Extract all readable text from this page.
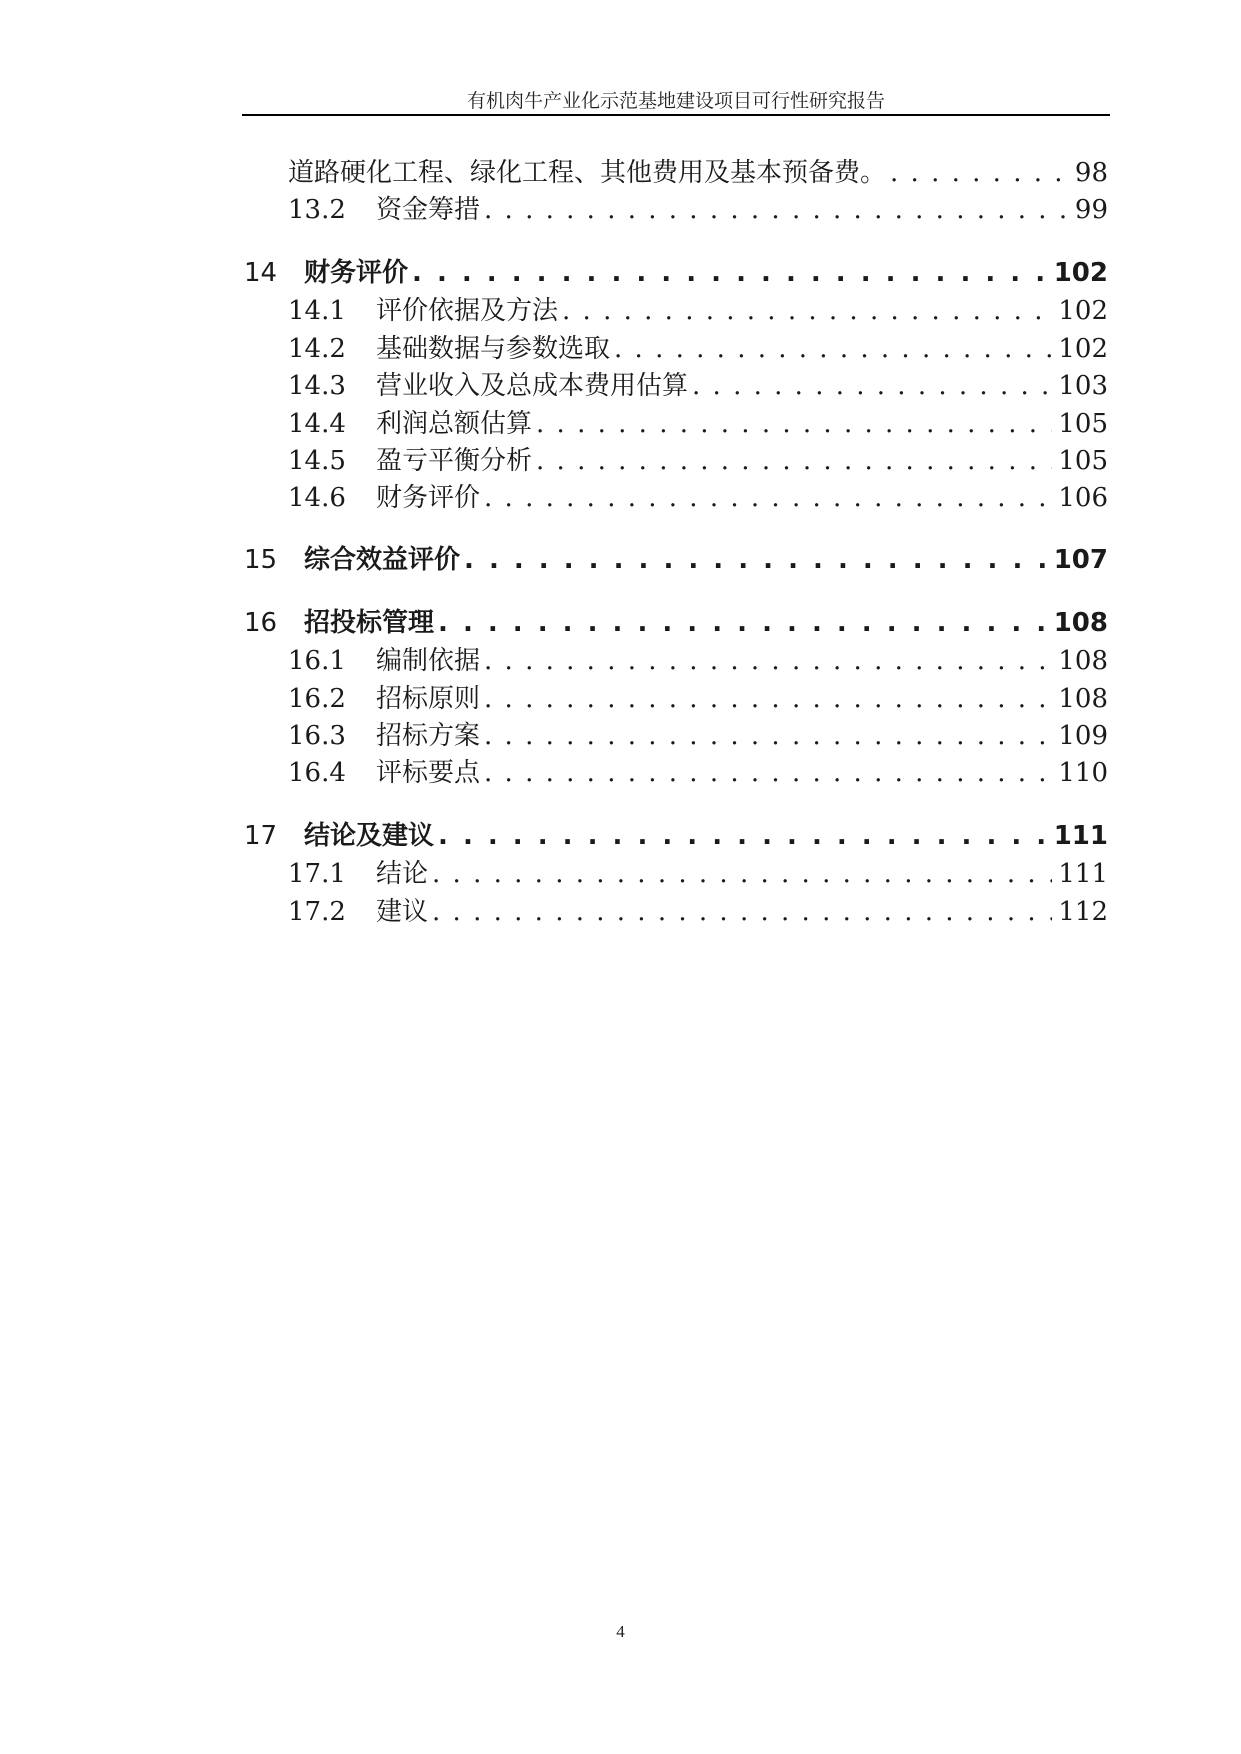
有机肉牛产业化示范基地建设项目可行性研究报告
道路硬化工程、绿化工程、其他费用及基本预备费。 . . .	98
13.2	资金筹措 . . .	99
14	财务评价 . . .	102
14.1	评价依据及方法 . . .	102
14.2	基础数据与参数选取 . . .	102
14.3	营业收入及总成本费用估算 . . .	103
14.4	利润总额估算 . . .	105
14.5	盈亏平衡分析 . . .	105
14.6	财务评价 . . .	106
15	综合效益评价 . . .	107
16	招投标管理 . . .	108
16.1	编制依据 . . .	108
16.2	招标原则 . . .	108
16.3	招标方案 . . .	109
16.4	评标要点 . . .	110
17	结论及建议 . . .	111
17.1	结论 . . .	111
17.2	建议 . . .	112
4
